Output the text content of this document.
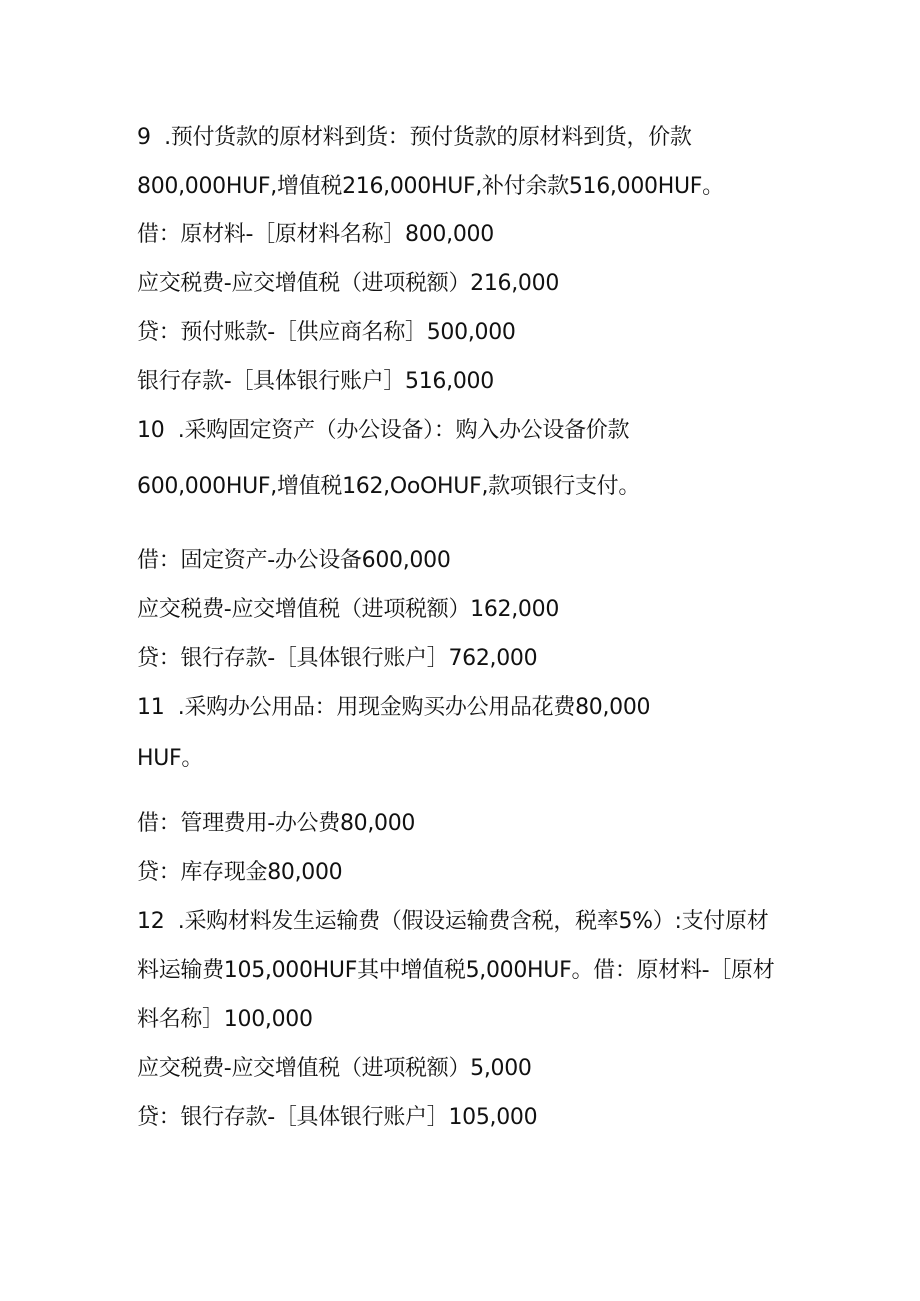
9  .预付货款的原材料到货：预付货款的原材料到货，价款
800,000HUF,增值税216,000HUF,补付余款516,000HUF。
借：原材料-［原材料名称］800,000
应交税费-应交增值税（进项税额）216,000
贷：预付账款-［供应商名称］500,000
银行存款-［具体银行账户］516,000
10  .采购固定资产（办公设备）：购入办公设备价款
600,000HUF,增值税162,OoOHUF,款项银行支付。
借：固定资产-办公设备600,000
应交税费-应交增值税（进项税额）162,000
贷：银行存款-［具体银行账户］762,000
11  .采购办公用品：用现金购买办公用品花费80,000
HUF。
借：管理费用-办公费80,000
贷：库存现金80,000
12  .采购材料发生运输费（假设运输费含税，税率5%）:支付原材
料运输费105,000HUF其中增值税5,000HUF。借：原材料-［原材
料名称］100,000
应交税费-应交增值税（进项税额）5,000
贷：银行存款-［具体银行账户］105,000
